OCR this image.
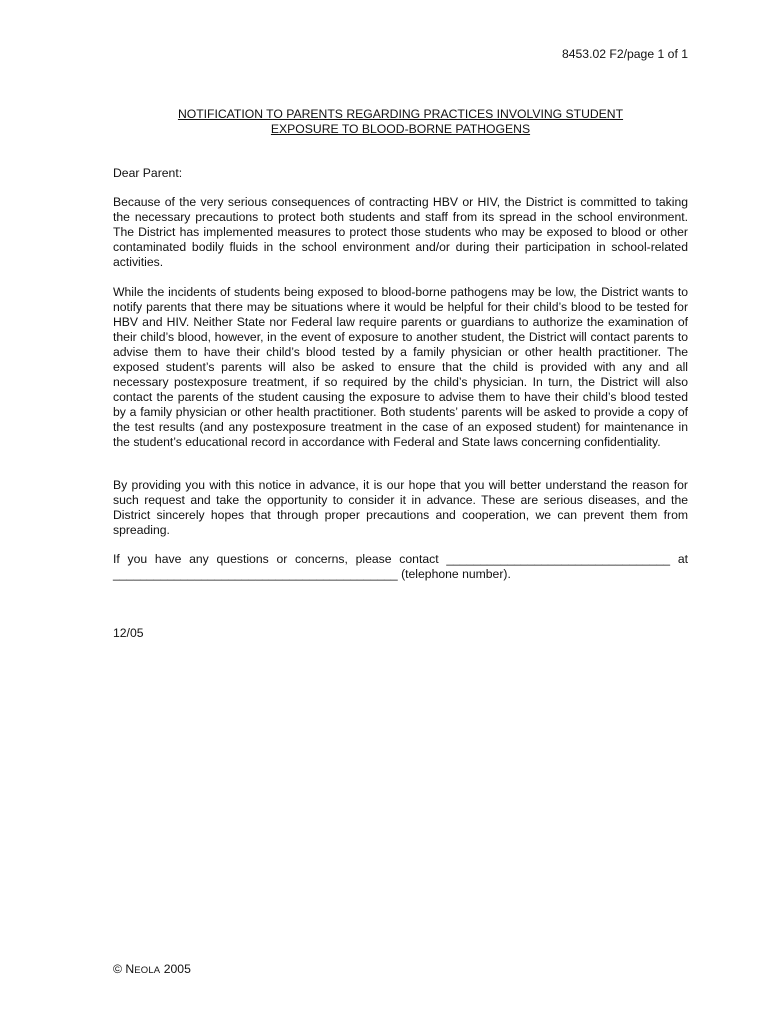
8453.02 F2/page 1 of 1
NOTIFICATION TO PARENTS REGARDING PRACTICES INVOLVING STUDENT
EXPOSURE TO BLOOD-BORNE PATHOGENS

Dear Parent:

Because of the very serious consequences of contracting HBV or HIV, the District is committed to taking the necessary precautions to protect both students and staff from its spread in the school environment. The District has implemented measures to protect those students who may be exposed to blood or other contaminated bodily fluids in the school environment and/or during their participation in school-related activities.

While the incidents of students being exposed to blood-borne pathogens may be low, the District wants to notify parents that there may be situations where it would be helpful for their child’s blood to be tested for HBV and HIV. Neither State nor Federal law require parents or guardians to authorize the examination of their child’s blood, however, in the event of exposure to another student, the District will contact parents to advise them to have their child’s blood tested by a family physician or other health practitioner. The exposed student’s parents will also be asked to ensure that the child is provided with any and all necessary postexposure treatment, if so required by the child’s physician. In turn, the District will also contact the parents of the student causing the exposure to advise them to have their child’s blood tested by a family physician or other health practitioner. Both students’ parents will be asked to provide a copy of the test results (and any postexposure treatment in the case of an exposed student) for maintenance in the student’s educational record in accordance with Federal and State laws concerning confidentiality.

By providing you with this notice in advance, it is our hope that you will better understand the reason for such request and take the opportunity to consider it in advance. These are serious diseases, and the District sincerely hopes that through proper precautions and cooperation, we can prevent them from spreading.

If you have any questions or concerns, please contact _________________________________ at __________________________________________ (telephone number).

12/05
© NEOLA 2005
